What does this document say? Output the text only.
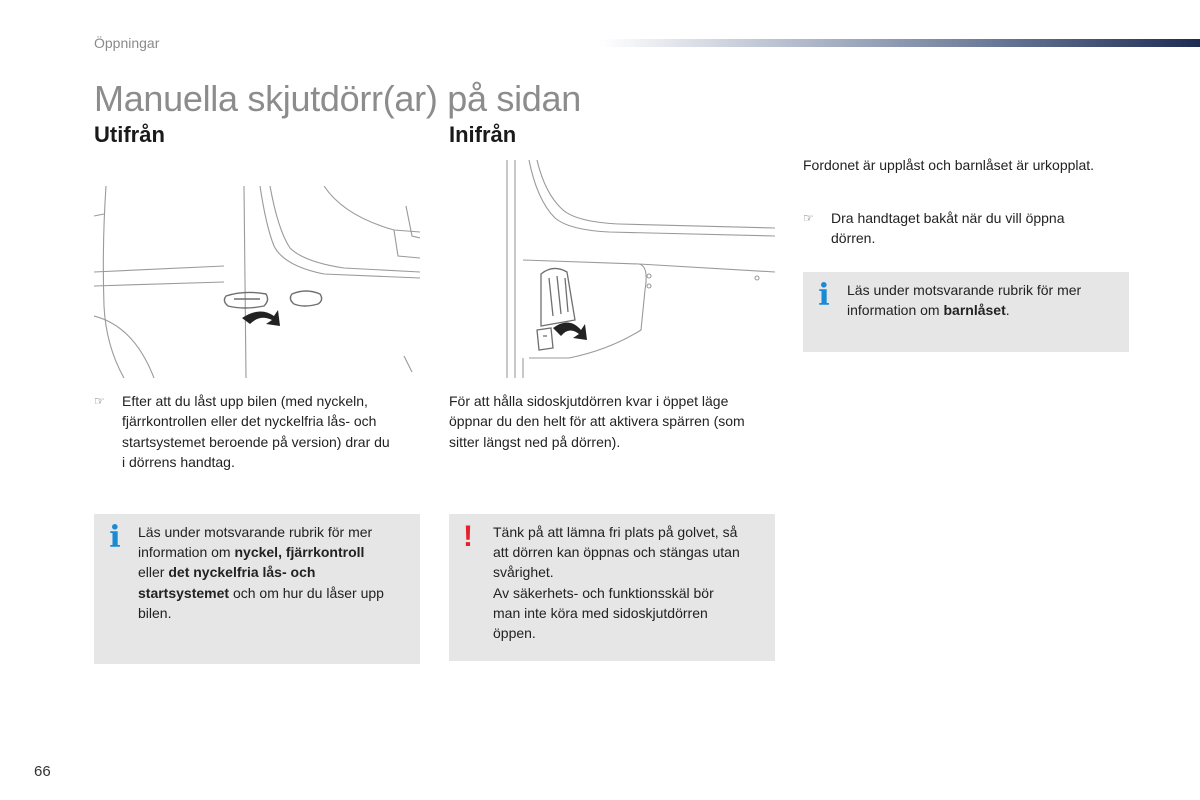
Öppningar
Manuella skjutdörr(ar) på sidan
Utifrån	Inifrån
☞ Efter att du låst upp bilen (med nyckeln,
fjärrkontrollen eller det nyckelfria lås- och
startsystemet beroende på version) drar du
i dörrens handtag.
För att hålla sidoskjutdörren kvar i öppet läge
öppnar du den helt för att aktivera spärren (som
sitter längst ned på dörren).
Fordonet är upplåst och barnlåset är urkopplat.
☞ Dra handtaget bakåt när du vill öppna
dörren.
i Läs under motsvarande rubrik för mer
information om barnlåset.
i Läs under motsvarande rubrik för mer
information om nyckel, fjärrkontroll
eller det nyckelfria lås- och
startsystemet och om hur du låser upp
bilen.
! Tänk på att lämna fri plats på golvet, så
att dörren kan öppnas och stängas utan
svårighet.
Av säkerhets- och funktionsskäl bör
man inte köra med sidoskjutdörren
öppen.
66
